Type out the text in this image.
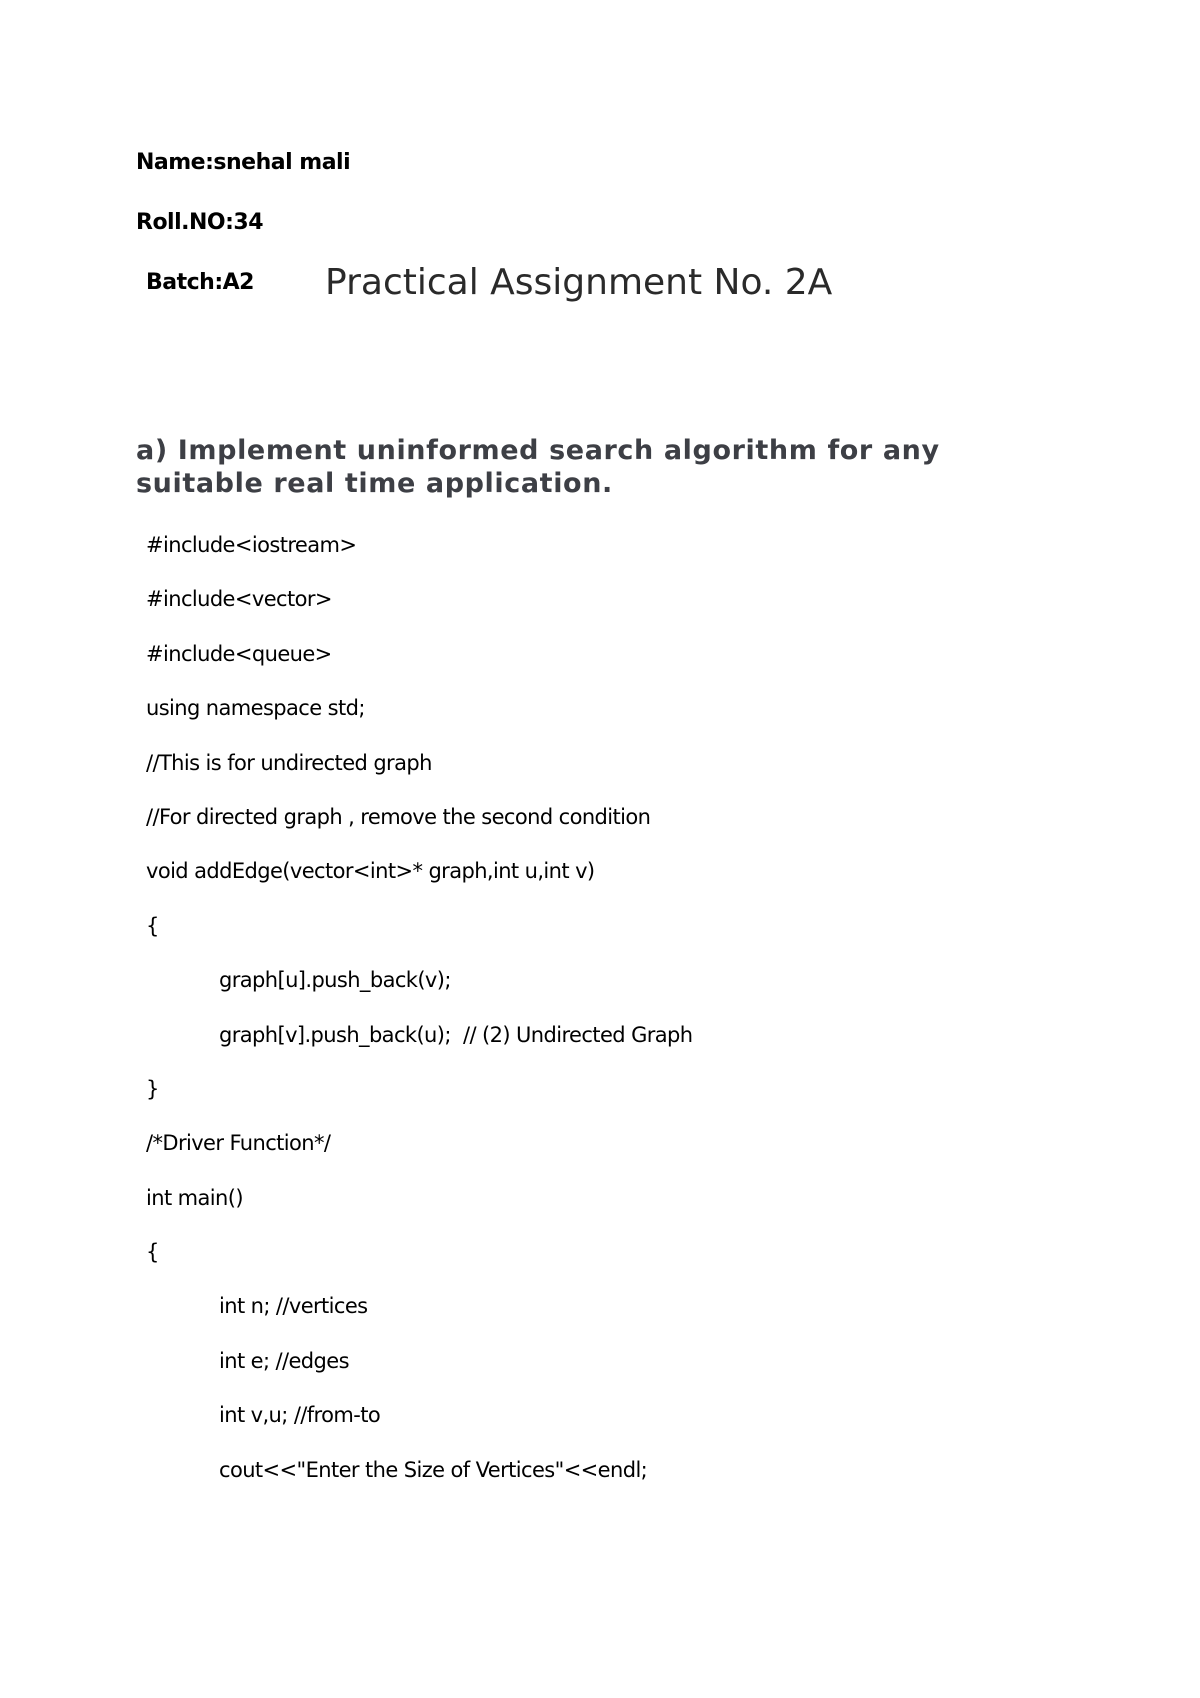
Name:snehal mali
Roll.NO:34
Batch:A2 Practical Assignment No. 2A
a) Implement uninformed search algorithm for any
suitable real time application.
#include<iostream>
#include<vector>
#include<queue>
using namespace std;
//This is for undirected graph
//For directed graph , remove the second condition
void addEdge(vector<int>* graph,int u,int v)
{
graph[u].push_back(v);
graph[v].push_back(u);  // (2) Undirected Graph
}
/*Driver Function*/
int main()
{
int n; //vertices
int e; //edges
int v,u; //from-to
cout<<"Enter the Size of Vertices"<<endl;
